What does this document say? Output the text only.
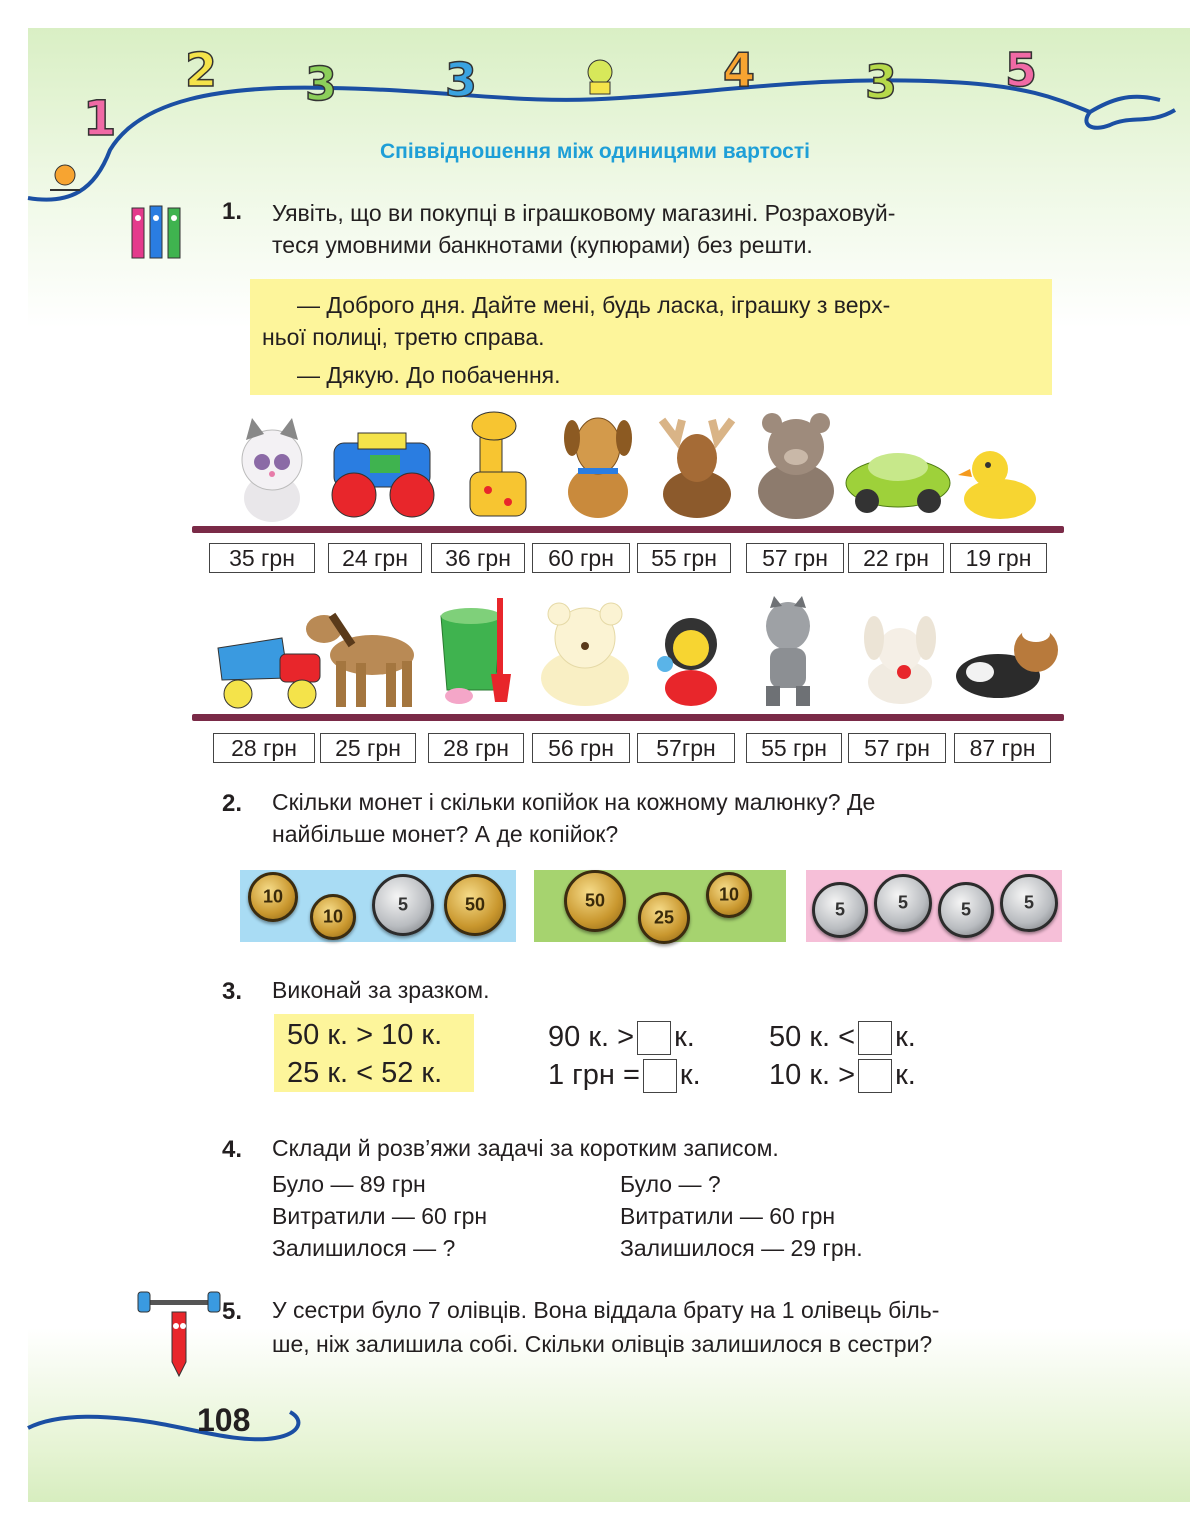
1
2 3 3	4 3 5
Співвідношення між одиницями вартості
1. Уявіть, що ви покупці в іграшковому магазині. Розраховуй-
теся умовними банкнотами (купюрами) без решти.
— Доброго дня. Дайте мені, будь ласка, іграшку з верх-
ньої полиці, третю справа.
— Дякую. До побачення.
35 грн	24 грн	36 грн	60 грн	55 грн	57 грн	22 грн	19 грн
28 грн	25 грн	28 грн	56 грн	57грн	55 грн	57 грн	87 грн
2. Скільки монет і скільки копійок на кожному малюнку? Де
найбільше монет? А де копійок?
10
10
5	50	50
25
10
5	5	5	5
3. Виконай за зразком.
50 к. > 10 к.
25 к. < 52 к.
90 к. > к.
1 грн = к.
50 к. < к.
10 к. > к.
4. Склади й розв’яжи задачі за коротким записом.
Було — 89 грн
Витратили — 60 грн
Залишилося — ?
Було — ?
Витратили — 60 грн
Залишилося — 29 грн.
5. У сестри було 7 олівців. Вона віддала брату на 1 олівець біль-
ше, ніж залишила собі. Скільки олівців залишилося в сестри?
108
